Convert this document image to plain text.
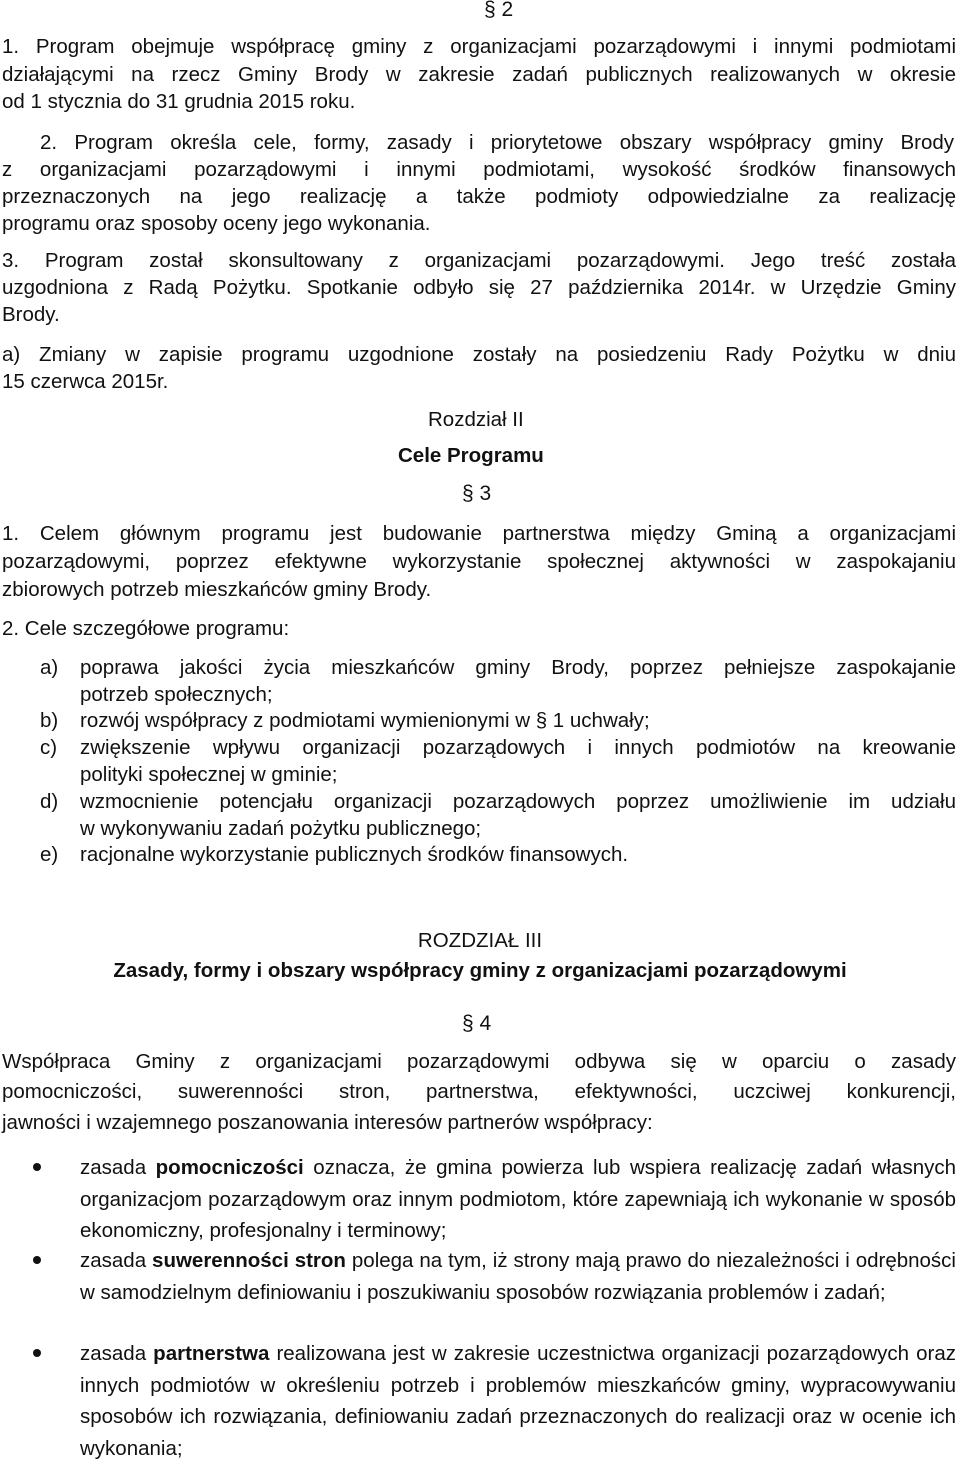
§ 2
1. Program obejmuje współpracę gminy z organizacjami pozarządowymi i innymi podmiotami
działającymi na rzecz Gminy Brody w zakresie zadań publicznych realizowanych w okresie
od 1 stycznia do 31 grudnia 2015 roku.
2. Program określa cele, formy, zasady i priorytetowe obszary współpracy gminy Brody
z organizacjami pozarządowymi i innymi podmiotami, wysokość środków finansowych
przeznaczonych na jego realizację a także podmioty odpowiedzialne za realizację
programu oraz sposoby oceny jego wykonania.
3. Program został skonsultowany z organizacjami pozarządowymi. Jego treść została
uzgodniona z Radą Pożytku. Spotkanie odbyło się 27 października 2014r. w Urzędzie Gminy
Brody.
a) Zmiany w zapisie programu uzgodnione zostały na posiedzeniu Rady Pożytku w dniu
15 czerwca 2015r.
Rozdział II
Cele Programu
§ 3
1. Celem głównym programu jest budowanie partnerstwa między Gminą a organizacjami
pozarządowymi, poprzez efektywne wykorzystanie społecznej aktywności w zaspokajaniu
zbiorowych potrzeb mieszkańców gminy Brody.
2. Cele szczegółowe programu:
a) poprawa jakości życia mieszkańców gminy Brody, poprzez pełniejsze zaspokajanie
potrzeb społecznych;
b) rozwój współpracy z podmiotami wymienionymi w § 1 uchwały;
c) zwiększenie wpływu organizacji pozarządowych i innych podmiotów na kreowanie
polityki społecznej w gminie;
d) wzmocnienie potencjału organizacji pozarządowych poprzez umożliwienie im udziału
w wykonywaniu zadań pożytku publicznego;
e) racjonalne wykorzystanie publicznych środków finansowych.
ROZDZIAŁ III
Zasady, formy i obszary współpracy gminy z organizacjami pozarządowymi
§ 4
Współpraca Gminy z organizacjami pozarządowymi odbywa się w oparciu o zasady
pomocniczości, suwerenności stron, partnerstwa, efektywności, uczciwej konkurencji,
jawności i wzajemnego poszanowania interesów partnerów współpracy:
zasada pomocniczości oznacza, że gmina powierza lub wspiera realizację zadań własnych organizacjom pozarządowym oraz innym podmiotom, które zapewniają ich wykonanie w sposób ekonomiczny, profesjonalny i terminowy;
zasada suwerenności stron polega na tym, iż strony mają prawo do niezależności i odrębności w samodzielnym definiowaniu i poszukiwaniu sposobów rozwiązania problemów i zadań;
zasada partnerstwa realizowana jest w zakresie uczestnictwa organizacji pozarządowych oraz innych podmiotów w określeniu potrzeb i problemów mieszkańców gminy, wypracowywaniu sposobów ich rozwiązania, definiowaniu zadań przeznaczonych do realizacji oraz w ocenie ich wykonania;
